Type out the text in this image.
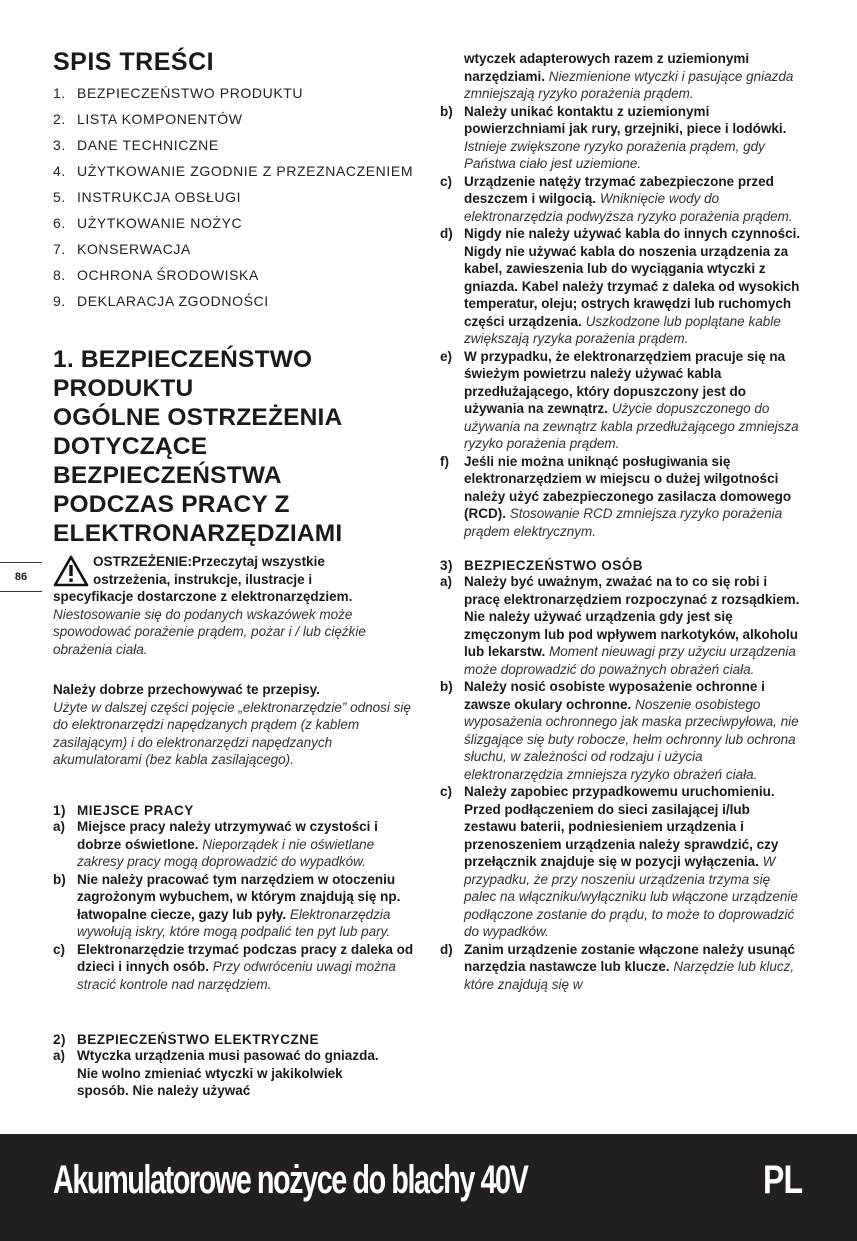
SPIS TREŚCI
1. BEZPIECZEŃSTWO PRODUKTU
2. LISTA KOMPONENTÓW
3. DANE TECHNICZNE
4. UŻYTKOWANIE ZGODNIE Z PRZEZNACZENIEM
5. INSTRUKCJA OBSŁUGI
6. UŻYTKOWANIE NOŻYC
7. KONSERWACJA
8. OCHRONA ŚRODOWISKA
9. DEKLARACJA ZGODNOŚCI
1. BEZPIECZEŃSTWO
PRODUKTU
OGÓLNE OSTRZEŻENIA
DOTYCZĄCE
BEZPIECZEŃSTWA
PODCZAS PRACY Z
ELEKTRONARZĘDZIAMI
86
OSTRZEŻENIE:Przeczytaj wszystkie
ostrzeżenia, instrukcje, ilustracje i
specyfikacje dostarczone z elektronarzędziem.
Niestosowanie się do podanych wskazówek może spowodować porażenie prądem, pożar i / lub ciężkie obrażenia ciała.
Należy dobrze przechowywać te przepisy.
Użyte w dalszej części pojęcie „elektronarzędzie” odnosi się do elektronarzędzi napędzanych prądem (z kablem zasilającym) i do elektronarzędzi napędzanych akumulatorami (bez kabla zasilającego).
1) MIEJSCE PRACY
a) Miejsce pracy należy utrzymywać w czystości i dobrze oświetlone. Nieporządek i nie oświetlane zakresy pracy mogą doprowadzić do wypadków.
b) Nie należy pracować tym narzędziem w otoczeniu zagrożonym wybuchem, w którym znajdują się np. łatwopalne ciecze, gazy lub pyły. Elektronarzędzia wywołują iskry, które mogą podpalić ten pyt lub pary.
c) Elektronarzędzie trzymać podczas pracy z daleka od dzieci i innych osób. Przy odwróceniu uwagi można stracić kontrole nad narzędziem.
2) BEZPIECZEŃSTWO ELEKTRYCZNE
a) Wtyczka urządzenia musi pasować do gniazda. Nie wolno zmieniać wtyczki w jakikolwiek sposób. Nie należy używać
wtyczek adapterowych razem z uziemionymi narzędziami. Niezmienione wtyczki i pasujące gniazda zmniejszają ryzyko porażenia prądem.
b) Należy unikać kontaktu z uziemionymi powierzchniami jak rury, grzejniki, piece i lodówki. Istnieje zwiększone ryzyko porażenia prądem, gdy Państwa ciało jest uziemione.
c) Urządzenie natęży trzymać zabezpieczone przed deszczem i wilgocią. Wniknięcie wody do elektronarzędzia podwyższa ryzyko porażenia prądem.
d) Nigdy nie należy używać kabla do innych czynności. Nigdy nie używać kabla do noszenia urządzenia za kabel, zawieszenia lub do wyciągania wtyczki z gniazda. Kabel należy trzymać z daleka od wysokich temperatur, oleju; ostrych krawędzi lub ruchomych części urządzenia. Uszkodzone lub poplątane kable zwiększają ryzyka porażenia prądem.
e) W przypadku, że elektronarzędziem pracuje się na świeżym powietrzu należy używać kabla przedłużającego, który dopuszczony jest do używania na zewnątrz. Użycie dopuszczonego do używania na zewnątrz kabla przedłużającego zmniejsza ryzyko porażenia prądem.
f)	Jeśli nie można uniknąć posługiwania się elektronarzędziem w miejscu o dużej wilgotności należy użyć zabezpieczonego zasilacza domowego (RCD). Stosowanie RCD zmniejsza ryzyko porażenia prądem elektrycznym.
3) BEZPIECZEŃSTWO OSÓB
a) Należy być uważnym, zważać na to co się robi i pracę elektronarzędziem rozpoczynać z rozsądkiem. Nie należy używać urządzenia gdy jest się zmęczonym lub pod wpływem narkotyków, alkoholu lub lekarstw. Moment nieuwagi przy użyciu urządzenia może doprowadzić do poważnych obrażeń ciała.
b) Należy nosić osobiste wyposażenie ochronne i zawsze okulary ochronne. Noszenie osobistego wyposażenia ochronnego jak maska przeciwpyłowa, nie ślizgające się buty robocze, hełm ochronny lub ochrona słuchu, w zależności od rodzaju i użycia elektronarzędzia zmniejsza ryzyko obrażeń ciała.
c) Należy zapobiec przypadkowemu uruchomieniu. Przed podłączeniem do sieci zasilającej i/lub zestawu baterii, podniesieniem urządzenia i przenoszeniem urządzenia należy sprawdzić, czy przełącznik znajduje się w pozycji wyłączenia. W przypadku, że przy noszeniu urządzenia trzyma się palec na włączniku/wyłączniku lub włączone urządzenie podłączone zostanie do prądu, to może to doprowadzić do wypadków.
d) Zanim urządzenie zostanie włączone należy usunąć narzędzia nastawcze lub klucze. Narzędzie lub klucz, które znajdują się w
Akumulatorowe nożyce do blachy 40V	PL
